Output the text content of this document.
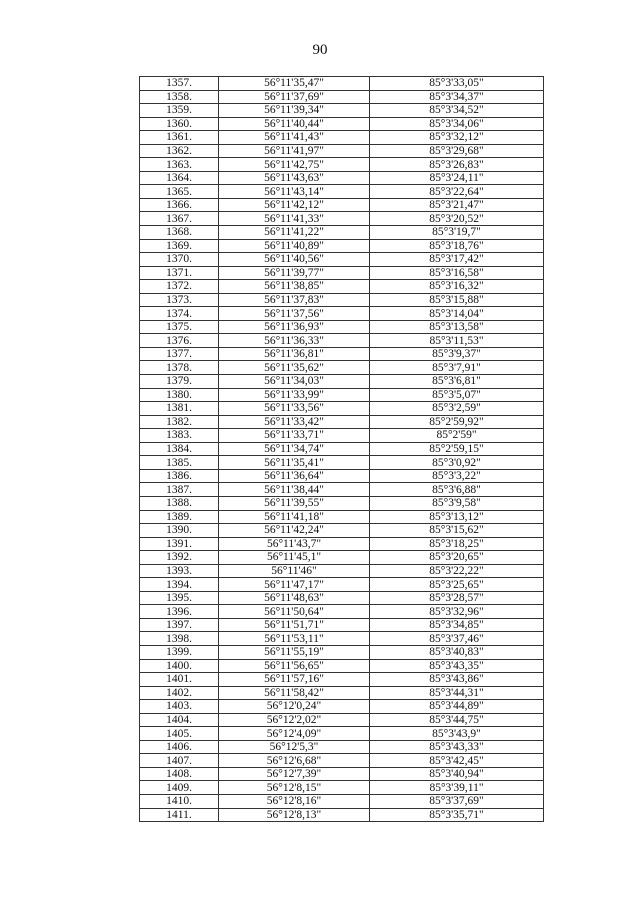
90
1357.	56°11'35,47"	85°3'33,05"
1358.	56°11'37,69"	85°3'34,37"
1359.	56°11'39,34"	85°3'34,52"
1360.	56°11'40,44"	85°3'34,06"
1361.	56°11'41,43"	85°3'32,12"
1362.	56°11'41,97"	85°3'29,68"
1363.	56°11'42,75"	85°3'26,83"
1364.	56°11'43,63"	85°3'24,11"
1365.	56°11'43,14"	85°3'22,64"
1366.	56°11'42,12"	85°3'21,47"
1367.	56°11'41,33"	85°3'20,52"
1368.	56°11'41,22"	85°3'19,7"
1369.	56°11'40,89"	85°3'18,76"
1370.	56°11'40,56"	85°3'17,42"
1371.	56°11'39,77"	85°3'16,58"
1372.	56°11'38,85"	85°3'16,32"
1373.	56°11'37,83"	85°3'15,88"
1374.	56°11'37,56"	85°3'14,04"
1375.	56°11'36,93"	85°3'13,58"
1376.	56°11'36,33"	85°3'11,53"
1377.	56°11'36,81"	85°3'9,37"
1378.	56°11'35,62"	85°3'7,91"
1379.	56°11'34,03"	85°3'6,81"
1380.	56°11'33,99"	85°3'5,07"
1381.	56°11'33,56"	85°3'2,59"
1382.	56°11'33,42"	85°2'59,92"
1383.	56°11'33,71"	85°2'59"
1384.	56°11'34,74"	85°2'59,15"
1385.	56°11'35,41"	85°3'0,92"
1386.	56°11'36,64"	85°3'3,22"
1387.	56°11'38,44"	85°3'6,88"
1388.	56°11'39,55"	85°3'9,58"
1389.	56°11'41,18"	85°3'13,12"
1390.	56°11'42,24"	85°3'15,62"
1391.	56°11'43,7"	85°3'18,25"
1392.	56°11'45,1"	85°3'20,65"
1393.	56°11'46"	85°3'22,22"
1394.	56°11'47,17"	85°3'25,65"
1395.	56°11'48,63"	85°3'28,57"
1396.	56°11'50,64"	85°3'32,96"
1397.	56°11'51,71"	85°3'34,85"
1398.	56°11'53,11"	85°3'37,46"
1399.	56°11'55,19"	85°3'40,83"
1400.	56°11'56,65"	85°3'43,35"
1401.	56°11'57,16"	85°3'43,86"
1402.	56°11'58,42"	85°3'44,31"
1403.	56°12'0,24"	85°3'44,89"
1404.	56°12'2,02"	85°3'44,75"
1405.	56°12'4,09"	85°3'43,9"
1406.	56°12'5,3"	85°3'43,33"
1407.	56°12'6,68"	85°3'42,45"
1408.	56°12'7,39"	85°3'40,94"
1409.	56°12'8,15"	85°3'39,11"
1410.	56°12'8,16"	85°3'37,69"
1411.	56°12'8,13"	85°3'35,71"
